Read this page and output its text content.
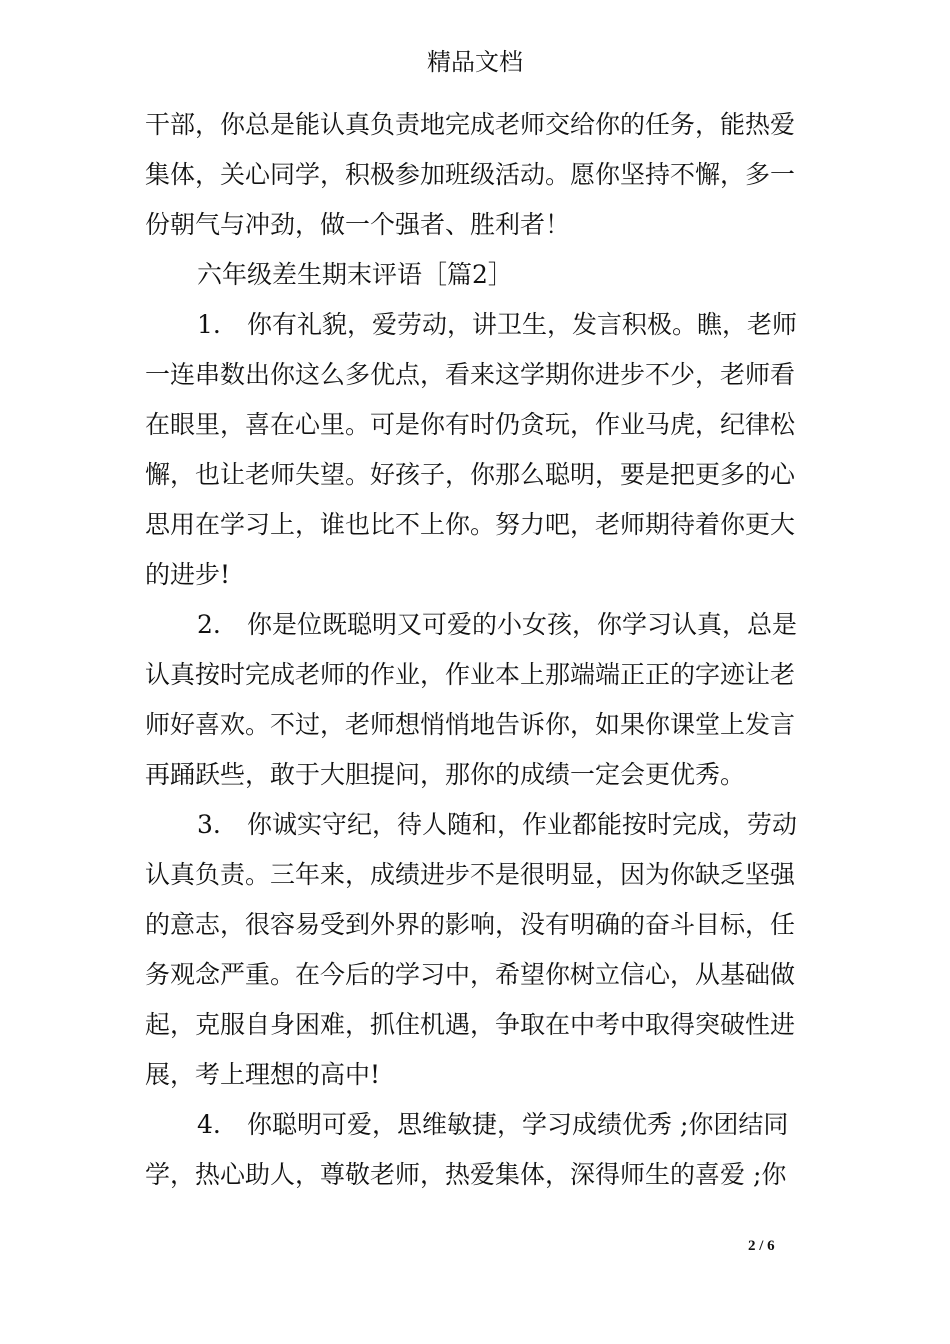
精品文档
干部，你总是能认真负责地完成老师交给你的任务，能热爱
集体，关心同学，积极参加班级活动。愿你坚持不懈，多一
份朝气与冲劲，做一个强者、胜利者！
六年级差生期末评语［篇2］
1. 你有礼貌，爱劳动，讲卫生，发言积极。瞧，老师
一连串数出你这么多优点，看来这学期你进步不少，老师看
在眼里，喜在心里。可是你有时仍贪玩，作业马虎，纪律松
懈，也让老师失望。好孩子，你那么聪明，要是把更多的心
思用在学习上，谁也比不上你。努力吧，老师期待着你更大
的进步!
2. 你是位既聪明又可爱的小女孩，你学习认真，总是
认真按时完成老师的作业，作业本上那端端正正的字迹让老
师好喜欢。不过，老师想悄悄地告诉你，如果你课堂上发言
再踊跃些，敢于大胆提问，那你的成绩一定会更优秀。
3. 你诚实守纪，待人随和，作业都能按时完成，劳动
认真负责。三年来，成绩进步不是很明显，因为你缺乏坚强
的意志，很容易受到外界的影响，没有明确的奋斗目标，任
务观念严重。在今后的学习中，希望你树立信心，从基础做
起，克服自身困难，抓住机遇，争取在中考中取得突破性进
展，考上理想的高中!
4. 你聪明可爱，思维敏捷，学习成绩优秀 ;你团结同
学，热心助人，尊敬老师，热爱集体，深得师生的喜爱 ;你
2 / 6
